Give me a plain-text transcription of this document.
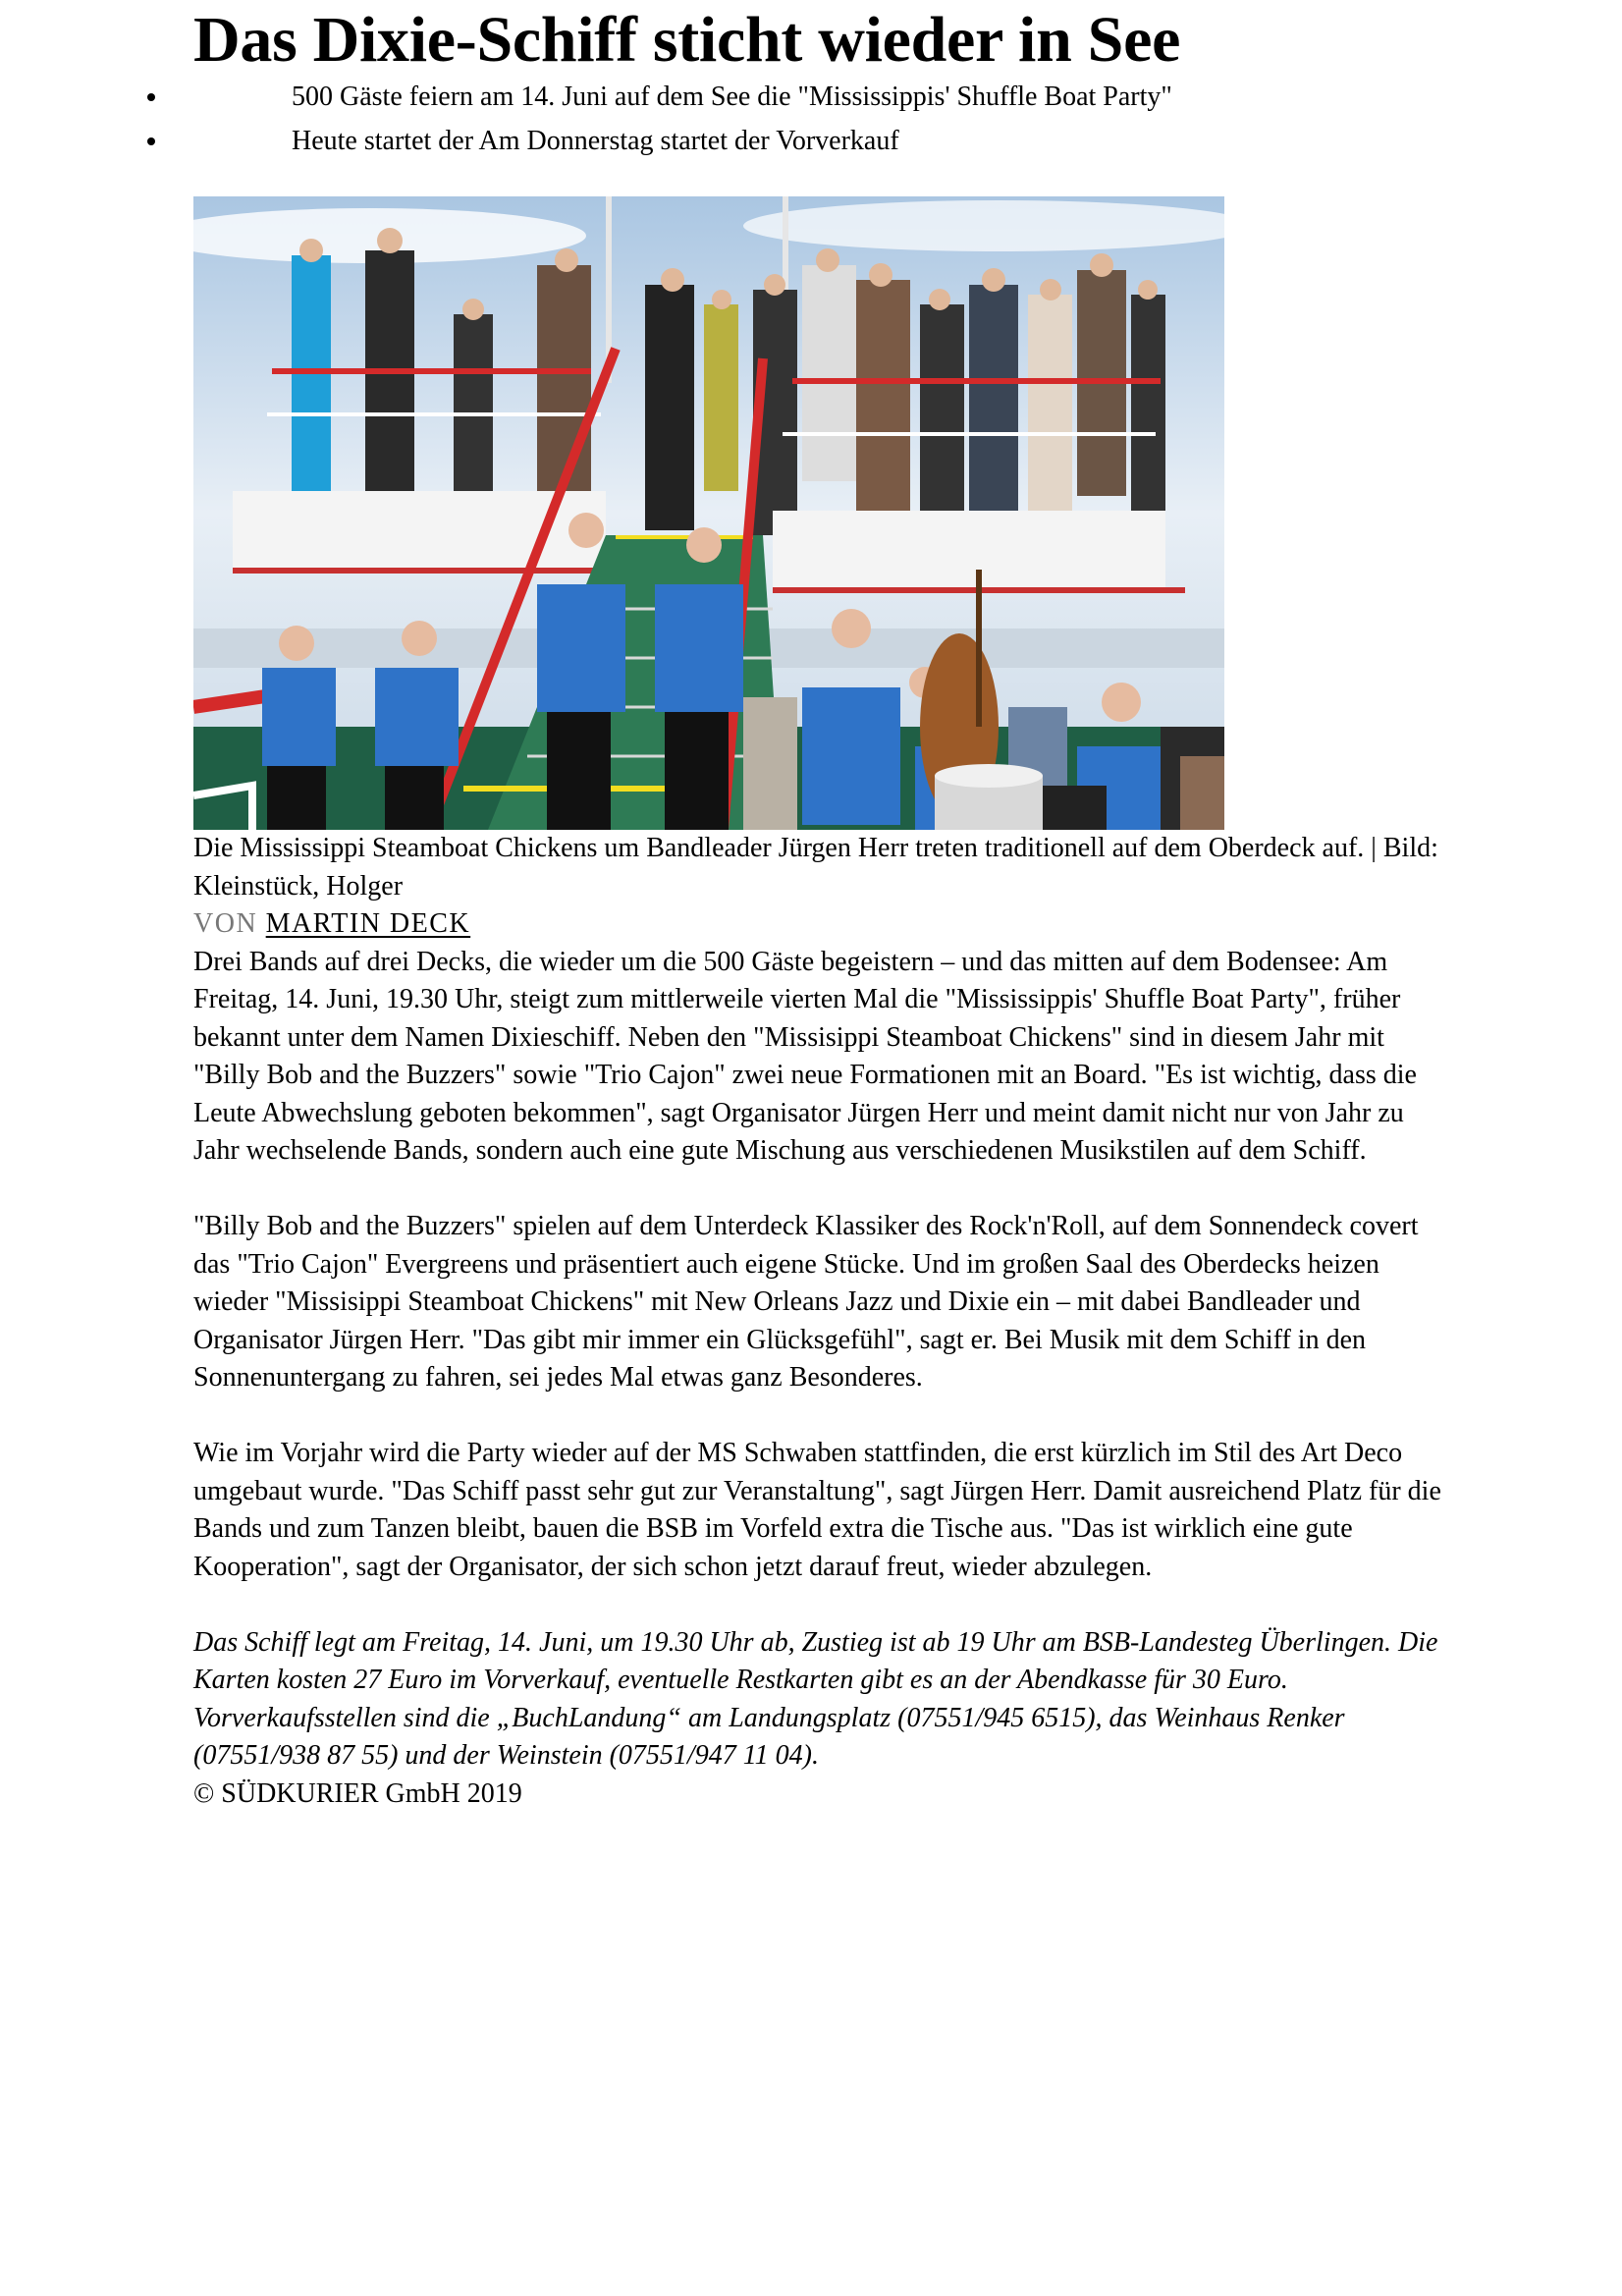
Das Dixie-Schiff sticht wieder in See
500 Gäste feiern am 14. Juni auf dem See die "Mississippis' Shuffle Boat Party"
Heute startet der Am Donnerstag startet der Vorverkauf

Die Mississippi Steamboat Chickens um Bandleader Jürgen Herr treten traditionell auf dem Oberdeck auf. | Bild: Kleinstück, Holger

VON MARTIN DECK

Drei Bands auf drei Decks, die wieder um die 500 Gäste begeistern – und das mitten auf dem Bodensee: Am Freitag, 14. Juni, 19.30 Uhr, steigt zum mittlerweile vierten Mal die "Mississippis' Shuffle Boat Party", früher bekannt unter dem Namen Dixieschiff. Neben den "Missisippi Steamboat Chickens" sind in diesem Jahr mit "Billy Bob and the Buzzers" sowie "Trio Cajon" zwei neue Formationen mit an Board. "Es ist wichtig, dass die Leute Abwechslung geboten bekommen", sagt Organisator Jürgen Herr und meint damit nicht nur von Jahr zu Jahr wechselende Bands, sondern auch eine gute Mischung aus verschiedenen Musikstilen auf dem Schiff.

"Billy Bob and the Buzzers" spielen auf dem Unterdeck Klassiker des Rock'n'Roll, auf dem Sonnendeck covert das "Trio Cajon" Evergreens und präsentiert auch eigene Stücke. Und im großen Saal des Oberdecks heizen wieder "Missisippi Steamboat Chickens" mit New Orleans Jazz und Dixie ein – mit dabei Bandleader und Organisator Jürgen Herr. "Das gibt mir immer ein Glücksgefühl", sagt er. Bei Musik mit dem Schiff in den Sonnenuntergang zu fahren, sei jedes Mal etwas ganz Besonderes.

Wie im Vorjahr wird die Party wieder auf der MS Schwaben stattfinden, die erst kürzlich im Stil des Art Deco umgebaut wurde. "Das Schiff passt sehr gut zur Veranstaltung", sagt Jürgen Herr. Damit ausreichend Platz für die Bands und zum Tanzen bleibt, bauen die BSB im Vorfeld extra die Tische aus. "Das ist wirklich eine gute Kooperation", sagt der Organisator, der sich schon jetzt darauf freut, wieder abzulegen.

Das Schiff legt am Freitag, 14. Juni, um 19.30 Uhr ab, Zustieg ist ab 19 Uhr am BSB-Landesteg Überlingen. Die Karten kosten 27 Euro im Vorverkauf, eventuelle Restkarten gibt es an der Abendkasse für 30 Euro. Vorverkaufsstellen sind die „BuchLandung“ am Landungsplatz (07551/945 6515), das Weinhaus Renker (07551/938 87 55) und der Weinstein (07551/947 11 04).

© SÜDKURIER GmbH 2019
